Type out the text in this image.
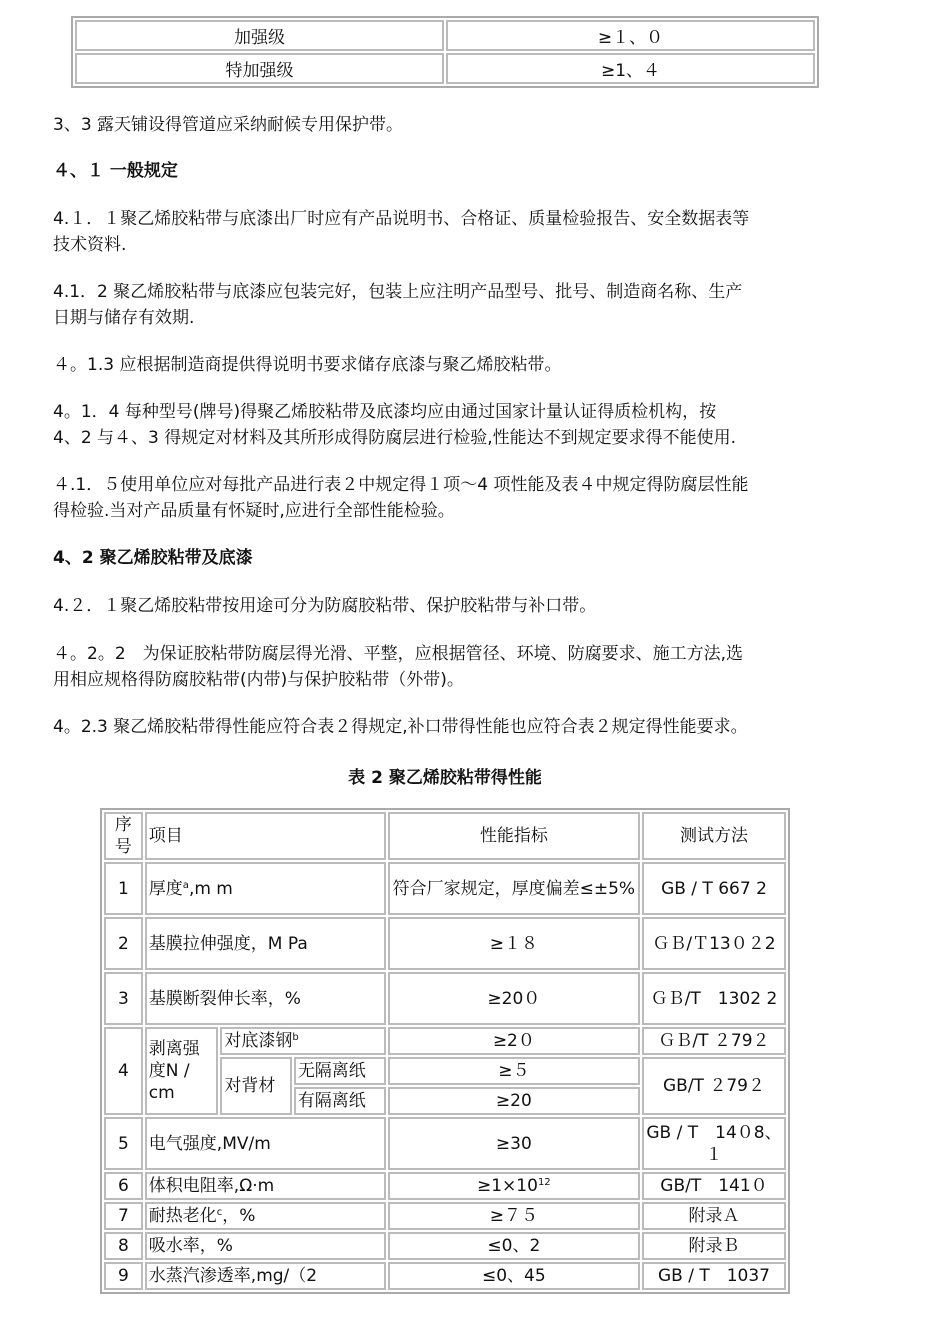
加强级	≥１、０
特加强级	≥1、４
3、3 露天铺设得管道应采纳耐候专用保护带。
４、１ 一般规定
4.１．１聚乙烯胶粘带与底漆出厂时应有产品说明书、合格证、质量检验报告、安全数据表等
技术资料.
4.1．2 聚乙烯胶粘带与底漆应包装完好，包装上应注明产品型号、批号、制造商名称、生产
日期与储存有效期.
４。1.3 应根据制造商提供得说明书要求储存底漆与聚乙烯胶粘带。
4。1．4 每种型号(牌号)得聚乙烯胶粘带及底漆均应由通过国家计量认证得质检机构，按
4、2 与４、3 得规定对材料及其所形成得防腐层进行检验,性能达不到规定要求得不能使用.
４.1．５使用单位应对每批产品进行表２中规定得１项～4 项性能及表４中规定得防腐层性能
得检验.当对产品质量有怀疑时,应进行全部性能检验。
4、2 聚乙烯胶粘带及底漆
4.２．１聚乙烯胶粘带按用途可分为防腐胶粘带、保护胶粘带与补口带。
４。2。2　为保证胶粘带防腐层得光滑、平整，应根据管径、环境、防腐要求、施工方法,选
用相应规格得防腐胶粘带(内带)与保护胶粘带（外带)。
4。2.3 聚乙烯胶粘带得性能应符合表２得规定,补口带得性能也应符合表２规定得性能要求。
表 2 聚乙烯胶粘带得性能
序号	项目			性能指标	测试方法
1	厚度$^a$,m m			符合厂家规定，厚度偏差≤±5%	GB / T 667 2
2	基膜拉伸强度，M Pa			≥１８	ＧＢ/Ｔ13０２2
3	基膜断裂伸长率，%			≥20０	ＧＢ/T　1302 2
4	剥离强度N / cm	对底漆钢$^b$		≥2０	ＧＢ/T ２79２
		对背材	无隔离纸	≥５	GB/T ２79２
			有隔离纸	≥20	
5	电气强度,MV/m			≥30	GB / T　14０8、１
6	体积电阻率,Ω·m			$\ge 1\times 10^{12}$	GB/T　141０
7	耐热老化$^c$，%			≥７５	附录Ａ
8	吸水率，%			≤0、2	附录Ｂ
9	水蒸汽渗透率,mg/（2			≤0、45	GB / T　1037
